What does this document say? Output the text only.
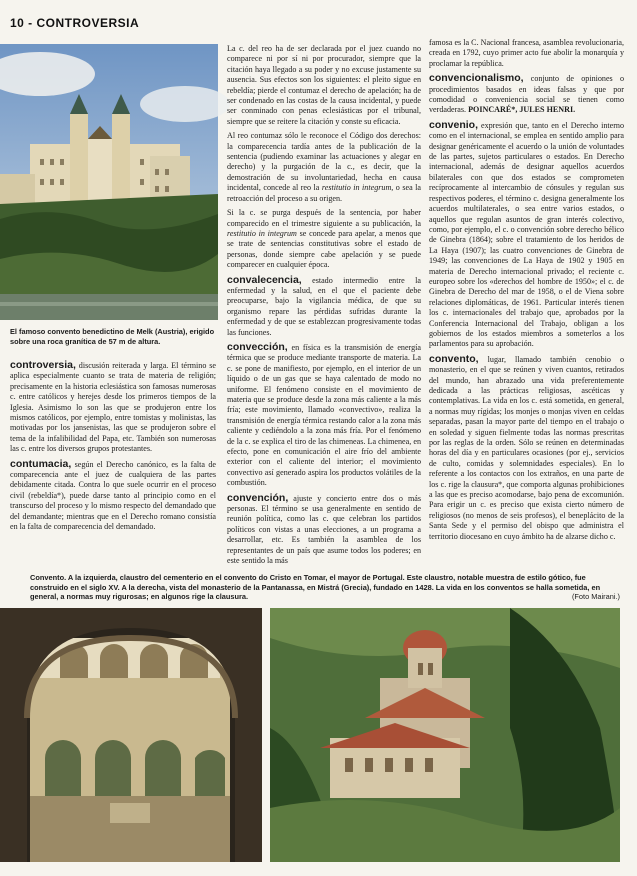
10 - CONTROVERSIA
El famoso convento benedictino de Melk (Austria), erigido sobre una roca granítica de 57 m de altura.

controversia, discusión reiterada y larga. El término se aplica especialmente cuanto se trata de materia de religión; precisamente en la historia eclesiástica son famosas numerosas c. entre católicos y herejes desde los primeros tiempos de la Iglesia. Asimismo lo son las que se produjeron entre los mismos católicos, por ejemplo, entre tomistas y molinistas, las motivadas por los jansenistas, las que se produjeron sobre el tema de la infalibilidad del Papa, etc. También son numerosas las c. entre los diversos grupos protestantes.

contumacia, según el Derecho canónico, es la falta de comparecencia ante el juez de cualquiera de las partes debidamente citada. Contra lo que suele ocurrir en el proceso civil (rebeldía*), puede darse tanto al principio como en el transcurso del proceso y lo mismo respecto del demandado que del demandante; mientras que en el Derecho romano consistía en la falta de comparecencia del demandado.

La c. del reo ha de ser declarada por el juez cuando no comparece ni por sí ni por procurador, siempre que la citación haya llegado a su poder y no excuse justamente su ausencia. Sus efectos son los siguientes: el pleito sigue en rebeldía; pierde el contumaz el derecho de apelación; ha de ser condenado en las costas de la causa incidental, y puede ser conminado con penas eclesiásticas por el tribunal, siempre que se reitere la citación y conste su eficacia.

Al reo contumaz sólo le reconoce el Código dos derechos: la comparecencia tardía antes de la publicación de la sentencia (pudiendo examinar las actuaciones y alegar en derecho) y la purgación de la c., es decir, que la demostración de su involuntariedad, hecha en causa incidental, concede al reo la restitutio in integrum, o sea la retroacción del proceso a su origen.

Si la c. se purga después de la sentencia, por haber comparecido en el trimestre siguiente a su publicación, la restitutio in integrum se concede para apelar, a menos que se trate de sentencias constitutivas sobre el estado de personas, donde siempre cabe apelación y se puede comparecer en cualquier época.

convalecencia, estado intermedio entre la enfermedad y la salud, en el que el paciente debe preocuparse, bajo la vigilancia médica, de que su organismo repare las pérdidas sufridas durante la enfermedad y de que se establezcan progresivamente todas las funciones.

convección, en física es la transmisión de energía térmica que se produce mediante transporte de materia. La c. se pone de manifiesto, por ejemplo, en el interior de un líquido o de un gas que se haya calentado de modo no uniforme. El fenómeno consiste en el movimiento de materia que se produce desde la zona más caliente a la más fría; este movimiento, llamado «convectivo», realiza la transmisión de energía térmica restando calor a la zona más caliente y cediéndolo a la zona más fría. Por el fenómeno de la c. se explica el tiro de las chimeneas. La chimenea, en efecto, pone en comunicación el aire frío del ambiente exterior con el caliente del interior; el movimiento convectivo así generado aspira los productos volátiles de la combustión.

convención, ajuste y concierto entre dos o más personas. El término se usa generalmente en sentido de reunión política, como las c. que celebran los partidos políticos con vistas a unas elecciones, a un programa a desarrollar, etc. Es también la asamblea de los representantes de un país que asume todos los poderes; en este sentido la más

famosa es la C. Nacional francesa, asamblea revolucionaria, creada en 1792, cuyo primer acto fue abolir la monarquía y proclamar la república.

convencionalismo, conjunto de opiniones o procedimientos basados en ideas falsas y que por comodidad o conveniencia social se tienen como verdaderas. POINCARÉ*, JULES HENRI.

convenio, expresión que, tanto en el Derecho interno como en el internacional, se emplea en sentido amplio para designar genéricamente el acuerdo o la unión de voluntades de las partes, sujetos particulares o estados. En Derecho internacional, además de designar aquellos acuerdos bilaterales con que dos estados se comprometen recíprocamente al intercambio de cónsules y regulan sus respectivos poderes, el término c. designa generalmente los acuerdos multilaterales, o sea entre varios estados, o aquellos que regulan asuntos de gran interés colectivo, como, por ejemplo, el c. o convención sobre derecho bélico de Ginebra (1864); sobre el tratamiento de los heridos de La Haya (1907); las cuatro convenciones de Ginebra de 1949; las convenciones de La Haya de 1902 y 1905 en materia de Derecho internacional privado; el reciente c. europeo sobre los «derechos del hombre de 1950»; el c. de Ginebra de Derecho del mar de 1958, o el de Viena sobre relaciones diplomáticas, de 1961. Particular interés tienen los c. internacionales del trabajo que, aprobados por la Conferencia Internacional del Trabajo, obligan a los gobiernos de los estados miembros a someterlos a los parlamentos para su aprobación.

convento, lugar, llamado también cenobio o monasterio, en el que se reúnen y viven cuantos, retirados del mundo, han abrazado una vida preferentemente dedicada a las prácticas religiosas, ascéticas y contemplativas. La vida en los c. está sometida, en general, a normas muy rígidas; los monjes o monjas viven en celdas separadas, pasan la mayor parte del tiempo en el trabajo o en soledad y siguen fielmente todas las normas prescritas por las reglas de la orden. Sólo se reúnen en determinadas horas del día y en particulares ocasiones (por ej., servicios de culto, comidas y solemnidades especiales). En lo referente a los contactos con los extraños, en una parte de los c. rige la clausura*, que comporta algunas prohibiciones a las que es preciso acomodarse, bajo pena de excomunión. Para erigir un c. es preciso que exista cierto número de religiosos (no menos de seis profesos), el beneplácito de la Santa Sede y el permiso del obispo que administra el territorio diocesano en cuyo ámbito ha de alzarse dicho c.

Convento. A la izquierda, claustro del cementerio en el convento do Cristo en Tomar, el mayor de Portugal. Este claustro, notable muestra de estilo gótico, fue construido en el siglo XV. A la derecha, vista del monasterio de la Pantanassa, en Mistrá (Grecia), fundado en 1428. La vida en los conventos se halla sometida, en general, a normas muy rigurosas; en algunos rige la clausura.	(Foto Mairani.)
